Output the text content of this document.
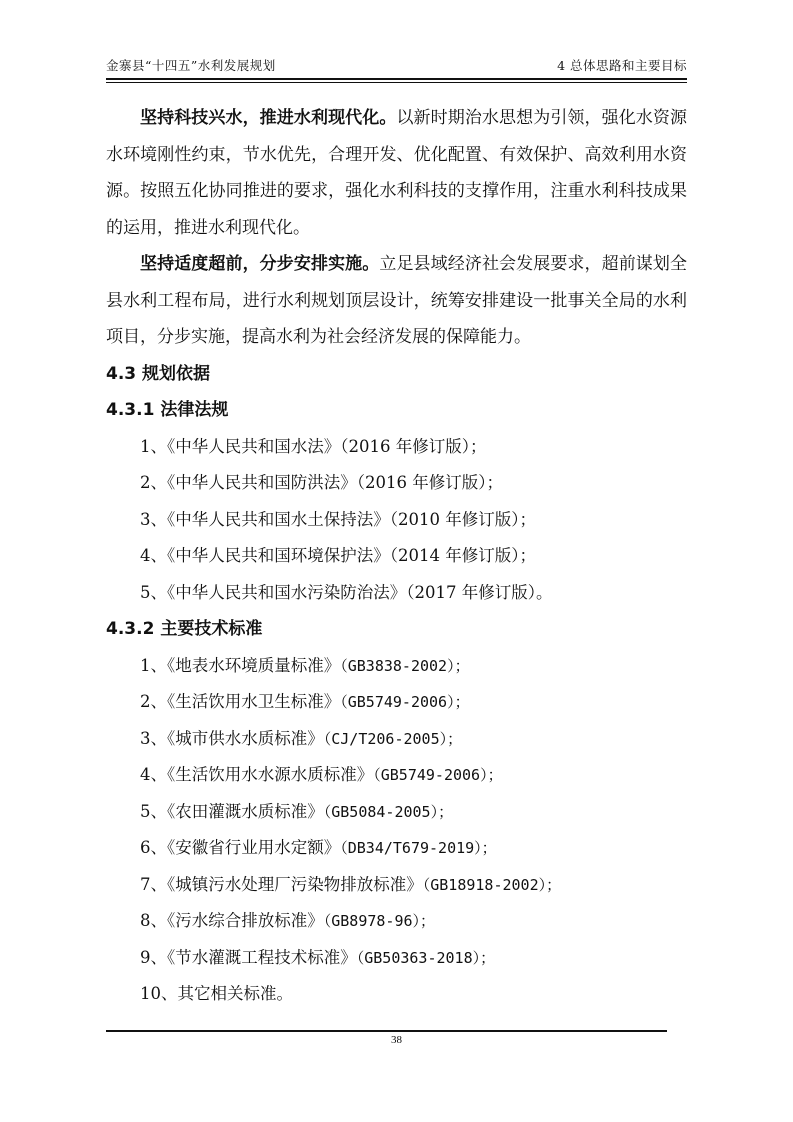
金寨县“十四五”水利发展规划	4 总体思路和主要目标

坚持科技兴水，推进水利现代化。以新时期治水思想为引领，强化水资源水环境刚性约束，节水优先，合理开发、优化配置、有效保护、高效利用水资源。按照五化协同推进的要求，强化水利科技的支撑作用，注重水利科技成果的运用，推进水利现代化。

坚持适度超前，分步安排实施。立足县域经济社会发展要求，超前谋划全县水利工程布局，进行水利规划顶层设计，统筹安排建设一批事关全局的水利项目，分步实施，提高水利为社会经济发展的保障能力。

4.3 规划依据
4.3.1 法律法规
1、《中华人民共和国水法》（2016 年修订版）；
2、《中华人民共和国防洪法》（2016 年修订版）；
3、《中华人民共和国水土保持法》（2010 年修订版）；
4、《中华人民共和国环境保护法》（2014 年修订版）；
5、《中华人民共和国水污染防治法》（2017 年修订版）。
4.3.2 主要技术标准
1、《地表水环境质量标准》（GB3838-2002）；
2、《生活饮用水卫生标准》（GB5749-2006）；
3、《城市供水水质标准》（CJ/T206-2005）；
4、《生活饮用水水源水质标准》（GB5749-2006）；
5、《农田灌溉水质标准》（GB5084-2005）；
6、《安徽省行业用水定额》（DB34/T679-2019）；
7、《城镇污水处理厂污染物排放标准》（GB18918-2002）；
8、《污水综合排放标准》（GB8978-96）；
9、《节水灌溉工程技术标准》（GB50363-2018）；
10、其它相关标准。
38
